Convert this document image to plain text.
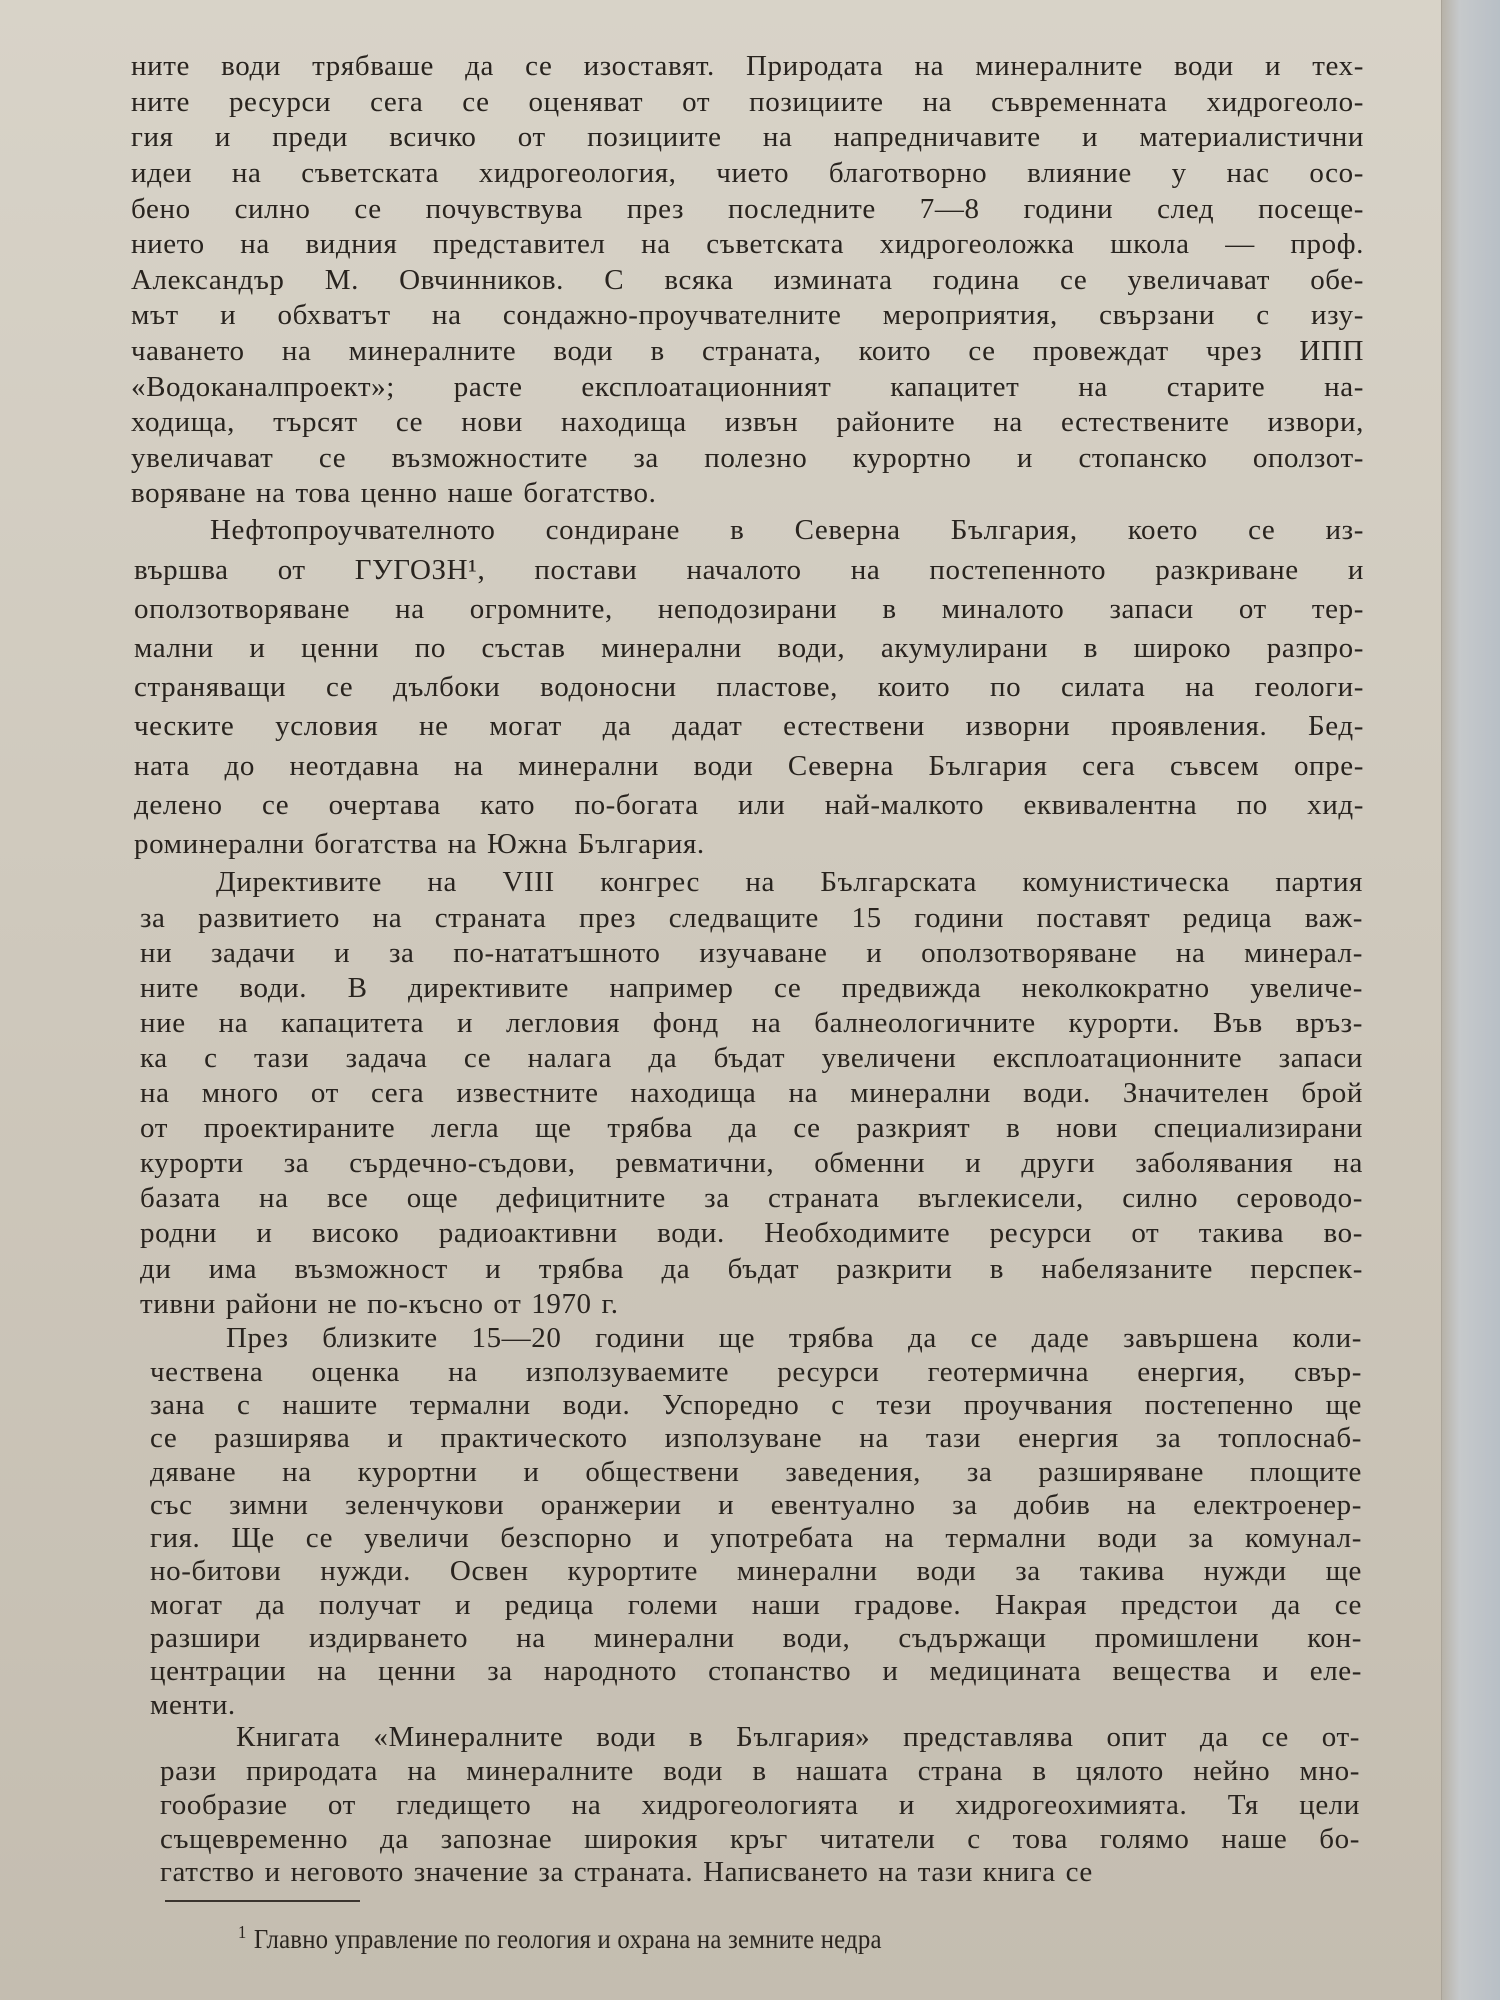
ните води трябваше да се изоставят. Природата на минералните води и тех-
ните ресурси сега се оценяват от позициите на съвременната хидрогеоло-
гия и преди всичко от позициите на напредничавите и материалистични
идеи на съветската хидрогеология, чието благотворно влияние у нас осо-
бено силно се почувствува през последните 7—8 години след посеще-
нието на видния представител на съветската хидрогеоложка школа — проф.
Александър М. Овчинников. С всяка измината година се увеличават обе-
мът и обхватът на сондажно-проучвателните мероприятия, свързани с изу-
чаването на минералните води в страната, които се провеждат чрез ИПП
«Водоканалпроект»; расте експлоатационният капацитет на старите на-
ходища, търсят се нови находища извън районите на естествените извори,
увеличават се възможностите за полезно курортно и стопанско оползот-
воряване на това ценно наше богатство.
Нефтопроучвателното сондиране в Северна България, което се из-
вършва от ГУГОЗН¹, постави началото на постепенното разкриване и
оползотворяване на огромните, неподозирани в миналото запаси от тер-
мални и ценни по състав минерални води, акумулирани в широко разпро-
страняващи се дълбоки водоносни пластове, които по силата на геологи-
ческите условия не могат да дадат естествени изворни проявления. Бед-
ната до неотдавна на минерални води Северна България сега съвсем опре-
делено се очертава като по-богата или най-малкото еквивалентна по хид-
роминерални богатства на Южна България.
Директивите на VIII конгрес на Българската комунистическа партия
за развитието на страната през следващите 15 години поставят редица важ-
ни задачи и за по-нататъшното изучаване и оползотворяване на минерал-
ните води. В директивите например се предвижда неколкократно увеличе-
ние на капацитета и легловия фонд на балнеологичните курорти. Във връз-
ка с тази задача се налага да бъдат увеличени експлоатационните запаси
на много от сега известните находища на минерални води. Значителен брой
от проектираните легла ще трябва да се разкрият в нови специализирани
курорти за сърдечно-съдови, ревматични, обменни и други заболявания на
базата на все още дефицитните за страната въглекисели, силно сероводо-
родни и високо радиоактивни води. Необходимите ресурси от такива во-
ди има възможност и трябва да бъдат разкрити в набелязаните перспек-
тивни райони не по-късно от 1970 г.
През близките 15—20 години ще трябва да се даде завършена коли-
чествена оценка на използуваемите ресурси геотермична енергия, свър-
зана с нашите термални води. Успоредно с тези проучвания постепенно ще
се разширява и практическото използуване на тази енергия за топлоснаб-
дяване на курортни и обществени заведения, за разширяване площите
със зимни зеленчукови оранжерии и евентуално за добив на електроенер-
гия. Ще се увеличи безспорно и употребата на термални води за комунал-
но-битови нужди. Освен курортите минерални води за такива нужди ще
могат да получат и редица големи наши градове. Накрая предстои да се
разшири издирването на минерални води, съдържащи промишлени кон-
центрации на ценни за народното стопанство и медицината вещества и еле-
менти.
Книгата «Минералните води в България» представлява опит да се от-
рази природата на минералните води в нашата страна в цялото нейно мно-
гообразие от гледището на хидрогеологията и хидрогеохимията. Тя цели
същевременно да запознае широкия кръг читатели с това голямо наше бо-
гатство и неговото значение за страната. Написването на тази книга се
$^1$ Главно управление по геология и охрана на земните недра
